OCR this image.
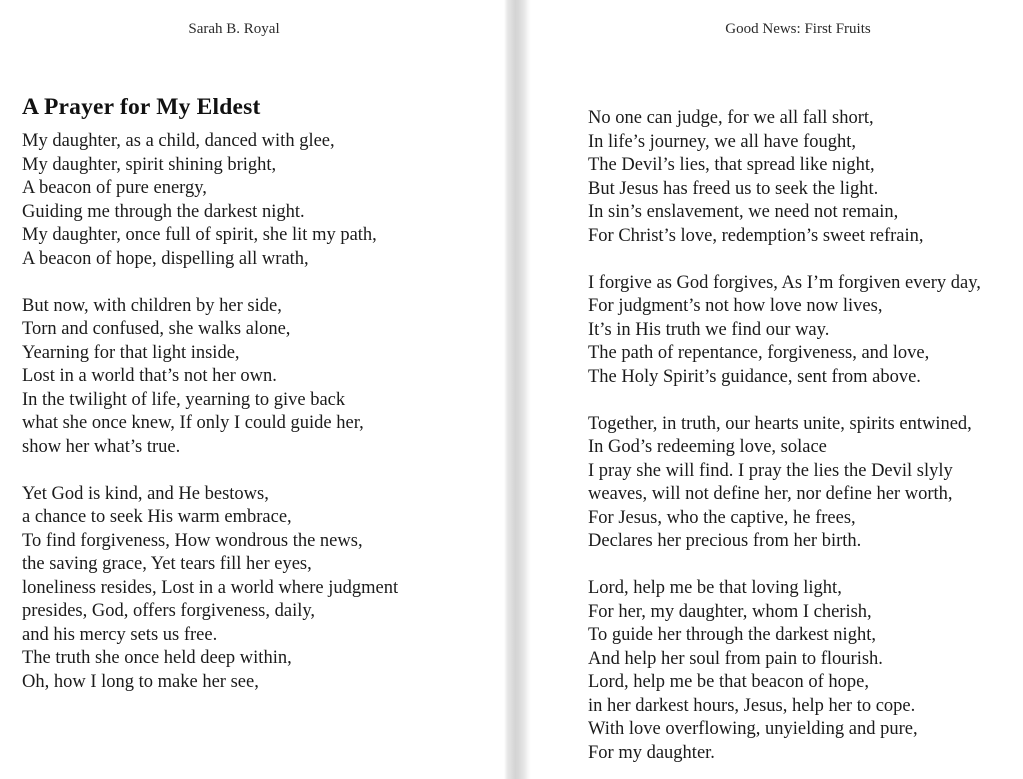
Sarah B. Royal
A Prayer for My Eldest
My daughter, as a child, danced with glee,
My daughter, spirit shining bright,
A beacon of pure energy,
Guiding me through the darkest night.
My daughter, once full of spirit, she lit my path,
A beacon of hope, dispelling all wrath,
But now, with children by her side,
Torn and confused, she walks alone,
Yearning for that light inside,
Lost in a world that’s not her own.
In the twilight of life, yearning to give back
what she once knew, If only I could guide her,
show her what’s true.
Yet God is kind, and He bestows,
a chance to seek His warm embrace,
To find forgiveness, How wondrous the news,
the saving grace, Yet tears fill her eyes,
loneliness resides, Lost in a world where judgment
presides, God, offers forgiveness, daily,
and his mercy sets us free.
The truth she once held deep within,
Oh, how I long to make her see,
Good News: First Fruits
No one can judge, for we all fall short,
In life’s journey, we all have fought,
The Devil’s lies, that spread like night,
But Jesus has freed us to seek the light.
In sin’s enslavement, we need not remain,
For Christ’s love, redemption’s sweet refrain,
I forgive as God forgives, As I’m forgiven every day,
For judgment’s not how love now lives,
It’s in His truth we find our way.
The path of repentance, forgiveness, and love,
The Holy Spirit’s guidance, sent from above.
Together, in truth, our hearts unite, spirits entwined,
In God’s redeeming love, solace
I pray she will find. I pray the lies the Devil slyly
weaves, will not define her, nor define her worth,
For Jesus, who the captive, he frees,
Declares her precious from her birth.
Lord, help me be that loving light,
For her, my daughter, whom I cherish,
To guide her through the darkest night,
And help her soul from pain to flourish.
Lord, help me be that beacon of hope,
in her darkest hours, Jesus, help her to cope.
With love overflowing, unyielding and pure,
For my daughter.
